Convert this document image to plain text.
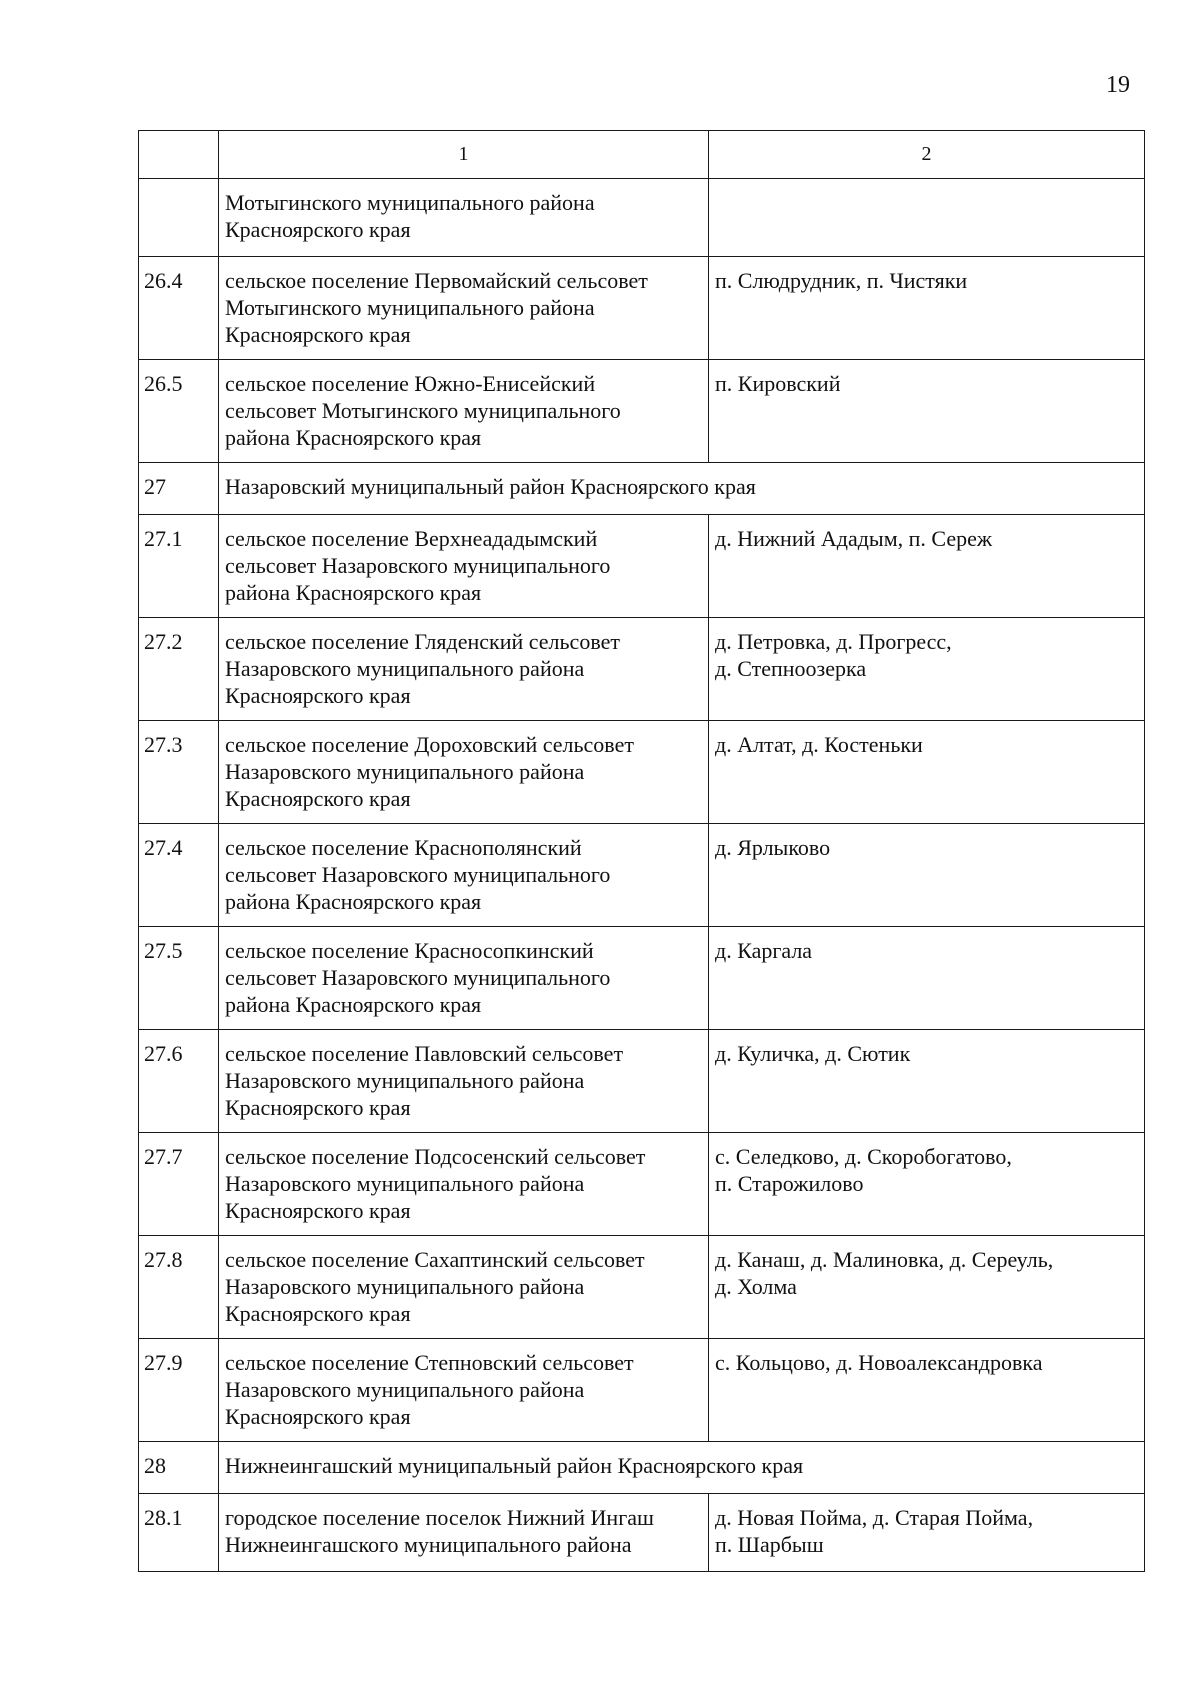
19
	1	2

	Мотыгинского муниципального района
Красноярского края	

26.4	сельское поселение Первомайский сельсовет
Мотыгинского муниципального района
Красноярского края	п. Слюдрудник, п. Чистяки

26.5	сельское поселение Южно-Енисейский
сельсовет Мотыгинского муниципального
района Красноярского края	п. Кировский

27	Назаровский муниципальный район Красноярского края	
27.1	сельское поселение Верхнеададымский
сельсовет Назаровского муниципального
района Красноярского края	д. Нижний Ададым, п. Сереж

27.2	сельское поселение Гляденский сельсовет
Назаровского муниципального района
Красноярского края	д. Петровка, д. Прогресс,
д. Степноозерка

27.3	сельское поселение Дороховский сельсовет
Назаровского муниципального района
Красноярского края	д. Алтат, д. Костеньки

27.4	сельское поселение Краснополянский
сельсовет Назаровского муниципального
района Красноярского края	д. Ярлыково

27.5	сельское поселение Красносопкинский
сельсовет Назаровского муниципального
района Красноярского края	д. Каргала

27.6	сельское поселение Павловский сельсовет
Назаровского муниципального района
Красноярского края	д. Куличка, д. Сютик

27.7	сельское поселение Подсосенский сельсовет
Назаровского муниципального района
Красноярского края	с. Селедково, д. Скоробогатово,
п. Старожилово

27.8	сельское поселение Сахаптинский сельсовет
Назаровского муниципального района
Красноярского края	д. Канаш, д. Малиновка, д. Сереуль,
д. Холма

27.9	сельское поселение Степновский сельсовет
Назаровского муниципального района
Красноярского края	с. Кольцово, д. Новоалександровка

28	Нижнеингашский муниципальный район Красноярского края	
28.1	городское поселение поселок Нижний Ингаш
Нижнеингашского муниципального района	д. Новая Пойма, д. Старая Пойма,
п. Шарбыш
